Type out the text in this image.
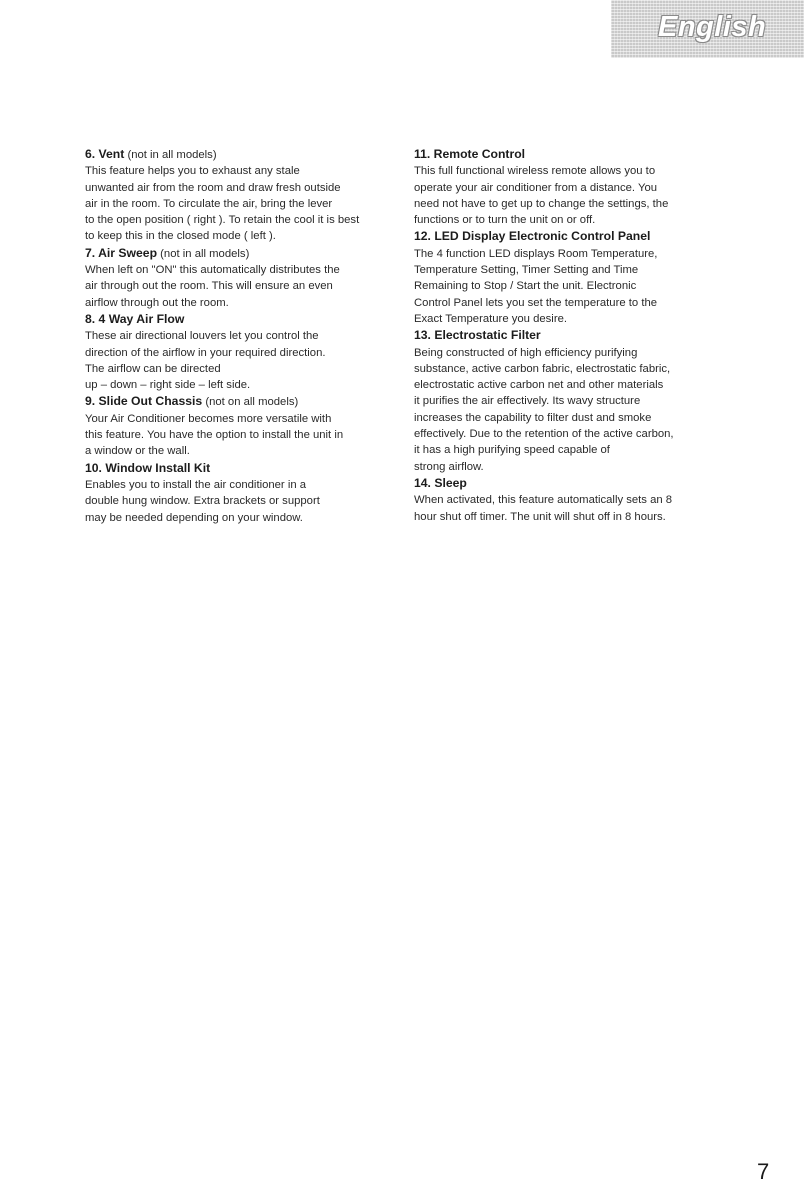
English
6. Vent (not in all models)
This feature helps you to exhaust any stale
unwanted air from the room and draw fresh outside
air in the room. To circulate the air, bring the lever
to the open position ( right ). To retain the cool it is best
to keep this in the closed mode ( left ).
7. Air Sweep (not in all models)
When left on "ON" this automatically distributes the
air through out the room. This will ensure an even
airflow through out the room.
8. 4 Way Air Flow
These air directional louvers let you control the
direction of the airflow in your required direction.
The airflow can be directed
up – down – right side – left side.
9. Slide Out Chassis (not on all models)
Your Air Conditioner becomes more versatile with
this feature. You have the option to install the unit in
a window or the wall.
10. Window Install Kit
Enables you to install the air conditioner in a
double hung window. Extra brackets or support
may be needed depending on your window.
11. Remote Control
This full functional wireless remote allows you to
operate your air conditioner from a distance. You
need not have to get up to change the settings, the
functions or to turn the unit on or off.
12. LED Display Electronic Control Panel
The 4 function LED displays Room Temperature,
Temperature Setting, Timer Setting and Time
Remaining to Stop / Start the unit. Electronic
Control Panel lets you set the temperature to the
Exact Temperature you desire.
13. Electrostatic Filter
Being constructed of high efficiency purifying
substance, active carbon fabric, electrostatic fabric,
electrostatic active carbon net and other materials
it purifies the air effectively. Its wavy structure
increases the capability to filter dust and smoke
effectively. Due to the retention of the active carbon,
it has a high purifying speed capable of
strong airflow.
14. Sleep
When activated, this feature automatically sets an 8
hour shut off timer. The unit will shut off in 8 hours.
7
